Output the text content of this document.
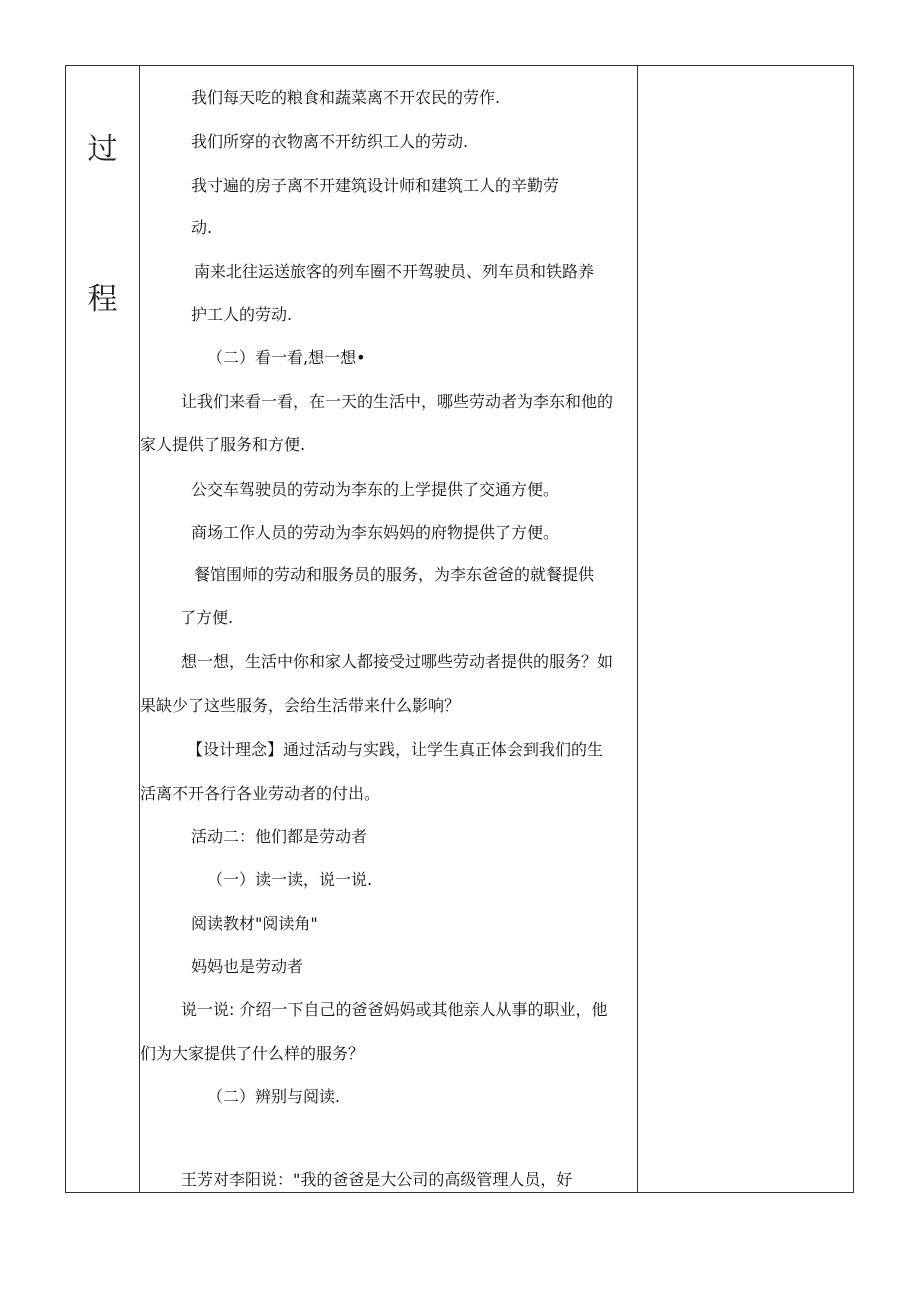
过
程
我们每天吃的粮食和蔬菜离不开农民的劳作.
我们所穿的衣物离不开纺织工人的劳动.
我寸遍的房子离不开建筑设计师和建筑工人的辛勤劳
动.
南来北往运送旅客的列车圈不开驾驶员、列车员和铁路养
护工人的劳动.
（二）看一看,想一想•
让我们来看一看，在一天的生活中，哪些劳动者为李东和他的
家人提供了服务和方便.
公交车驾驶员的劳动为李东的上学提供了交通方便。
商场工作人员的劳动为李东妈妈的府物提供了方便。
餐馆围师的劳动和服务员的服务，为李东爸爸的就餐提供
了方便.
想一想，生活中你和家人都接受过哪些劳动者提供的服务？如
果缺少了这些服务，会给生活带来什么影响？
【设计理念】通过活动与实践，让学生真正体会到我们的生
活离不开各行各业劳动者的付出。
活动二：他们都是劳动者
（一）读一读，说一说.
阅读教材"阅读角"
妈妈也是劳动者
说一说: 介绍一下自己的爸爸妈妈或其他亲人从事的职业，他
们为大家提供了什么样的服务？
（二）辨别与阅读.
王芳对李阳说："我的爸爸是大公司的高级管理人员，好
